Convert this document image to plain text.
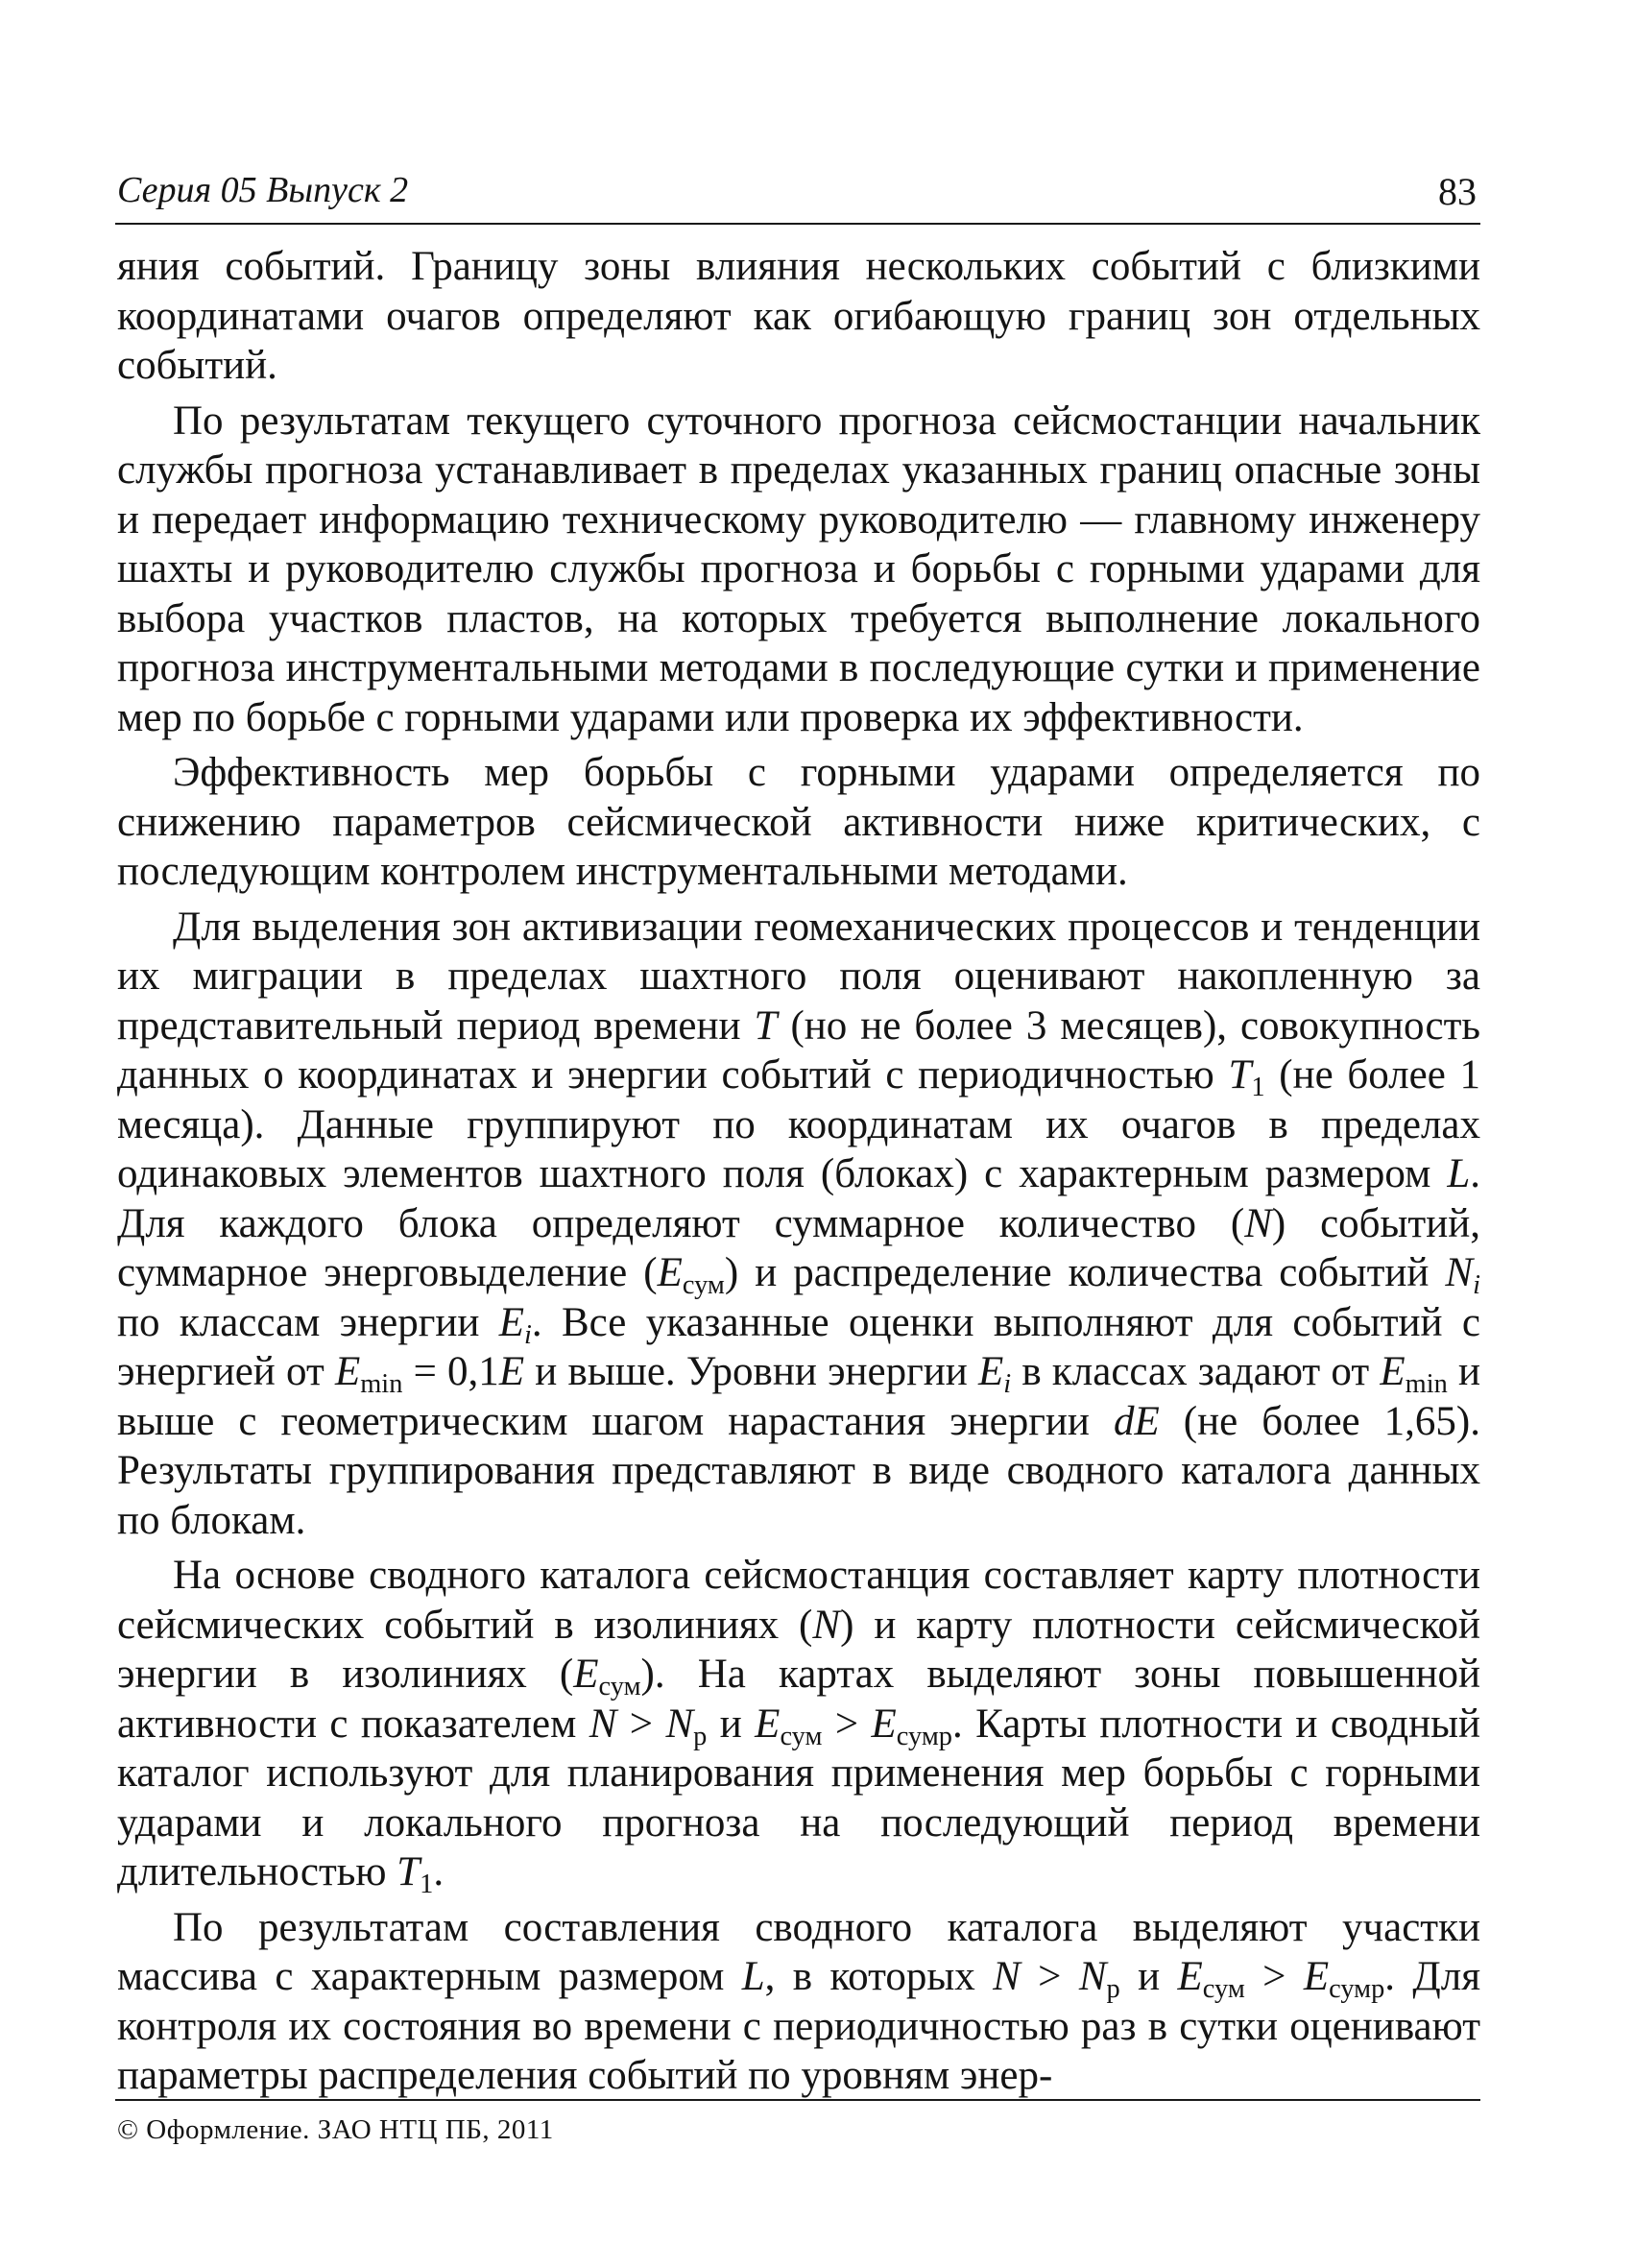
Серия 05 Выпуск 2	83

яния событий. Границу зоны влияния нескольких событий с близкими координатами очагов определяют как огибающую границ зон отдельных событий.

По результатам текущего суточного прогноза сейсмостанции начальник службы прогноза устанавливает в пределах указанных границ опасные зоны и передает информацию техническому руководителю — главному инженеру шахты и руководителю службы прогноза и борьбы с горными ударами для выбора участков пластов, на которых требуется выполнение локального прогноза инструментальными методами в последующие сутки и применение мер по борьбе с горными ударами или проверка их эффективности.

Эффективность мер борьбы с горными ударами определяется по снижению параметров сейсмической активности ниже критических, с последующим контролем инструментальными методами.

Для выделения зон активизации геомеханических процессов и тенденции их миграции в пределах шахтного поля оценивают накопленную за представительный период времени T (но не более 3 месяцев), совокупность данных о координатах и энергии событий с периодичностью $T_1$ (не более 1 месяца). Данные группируют по координатам их очагов в пределах одинаковых элементов шахтного поля (блоках) с характерным размером L. Для каждого блока определяют суммарное количество (N) событий, суммарное энерговыделение $(E_{сум})$ и распределение количества событий $N_i$ по классам энергии $E_i$. Все указанные оценки выполняют для событий с энергией от $E_{min} = 0,1E$ и выше. Уровни энергии $E_i$ в классах задают от $E_{min}$ и выше с геометрическим шагом нарастания энергии dE (не более 1,65). Результаты группирования представляют в виде сводного каталога данных по блокам.

На основе сводного каталога сейсмостанция составляет карту плотности сейсмических событий в изолиниях (N) и карту плотности сейсмической энергии в изолиниях $(E_{сум})$. На картах выделяют зоны повышенной активности с показателем $N > N_р$ и $E_{сум} > E_{сумр}$. Карты плотности и сводный каталог используют для планирования применения мер борьбы с горными ударами и локального прогноза на последующий период времени длительностью $T_1$.

По результатам составления сводного каталога выделяют участки массива с характерным размером L, в которых $N > N_р$ и $E_{сум} > E_{сумр}$. Для контроля их состояния во времени с периодичностью раз в сутки оценивают параметры распределения событий по уровням энер-

© Оформление. ЗАО НТЦ ПБ, 2011
